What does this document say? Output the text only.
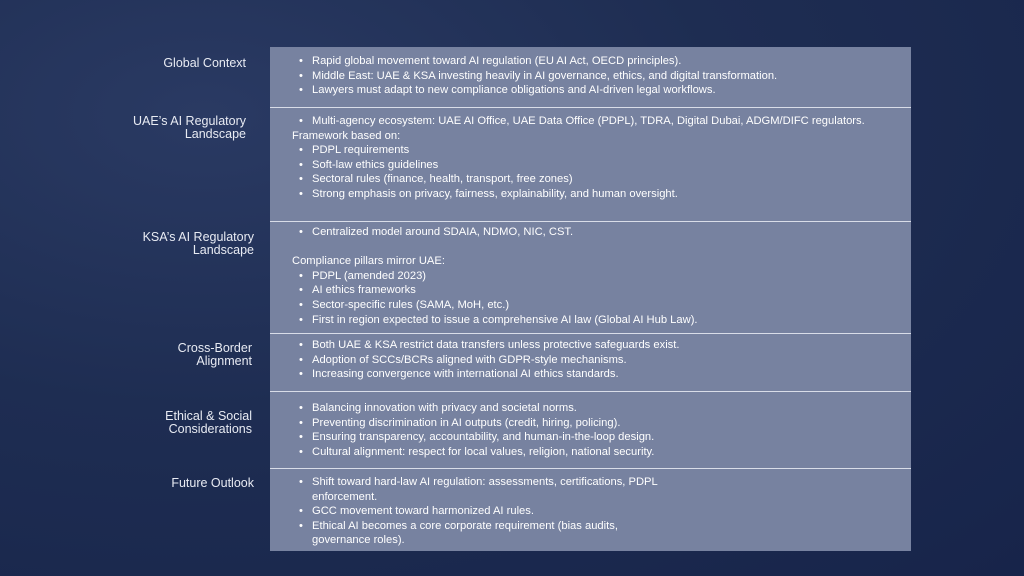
Global Context
UAE’s AI Regulatory
Landscape
KSA’s AI Regulatory
Landscape
Cross-Border
Alignment
Ethical & Social
Considerations
Future Outlook
• Rapid global movement toward AI regulation (EU AI Act, OECD principles).
• Middle East: UAE & KSA investing heavily in AI governance, ethics, and digital transformation.
• Lawyers must adapt to new compliance obligations and AI-driven legal workflows.
• Multi-agency ecosystem: UAE AI Office, UAE Data Office (PDPL), TDRA, Digital Dubai, ADGM/DIFC regulators.

Framework based on:

• PDPL requirements
• Soft-law ethics guidelines
• Sectoral rules (finance, health, transport, free zones)
• Strong emphasis on privacy, fairness, explainability, and human oversight.
• Centralized model around SDAIA, NDMO, NIC, CST.

Compliance pillars mirror UAE:

• PDPL (amended 2023)
• AI ethics frameworks
• Sector-specific rules (SAMA, MoH, etc.)
• First in region expected to issue a comprehensive AI law (Global AI Hub Law).
• Both UAE & KSA restrict data transfers unless protective safeguards exist.
• Adoption of SCCs/BCRs aligned with GDPR-style mechanisms.
• Increasing convergence with international AI ethics standards.
• Balancing innovation with privacy and societal norms.
• Preventing discrimination in AI outputs (credit, hiring, policing).
• Ensuring transparency, accountability, and human-in-the-loop design.
• Cultural alignment: respect for local values, religion, national security.
• Shift toward hard-law AI regulation: assessments, certifications, PDPL
enforcement.
• GCC movement toward harmonized AI rules.
• Ethical AI becomes a core corporate requirement (bias audits,
governance roles).
